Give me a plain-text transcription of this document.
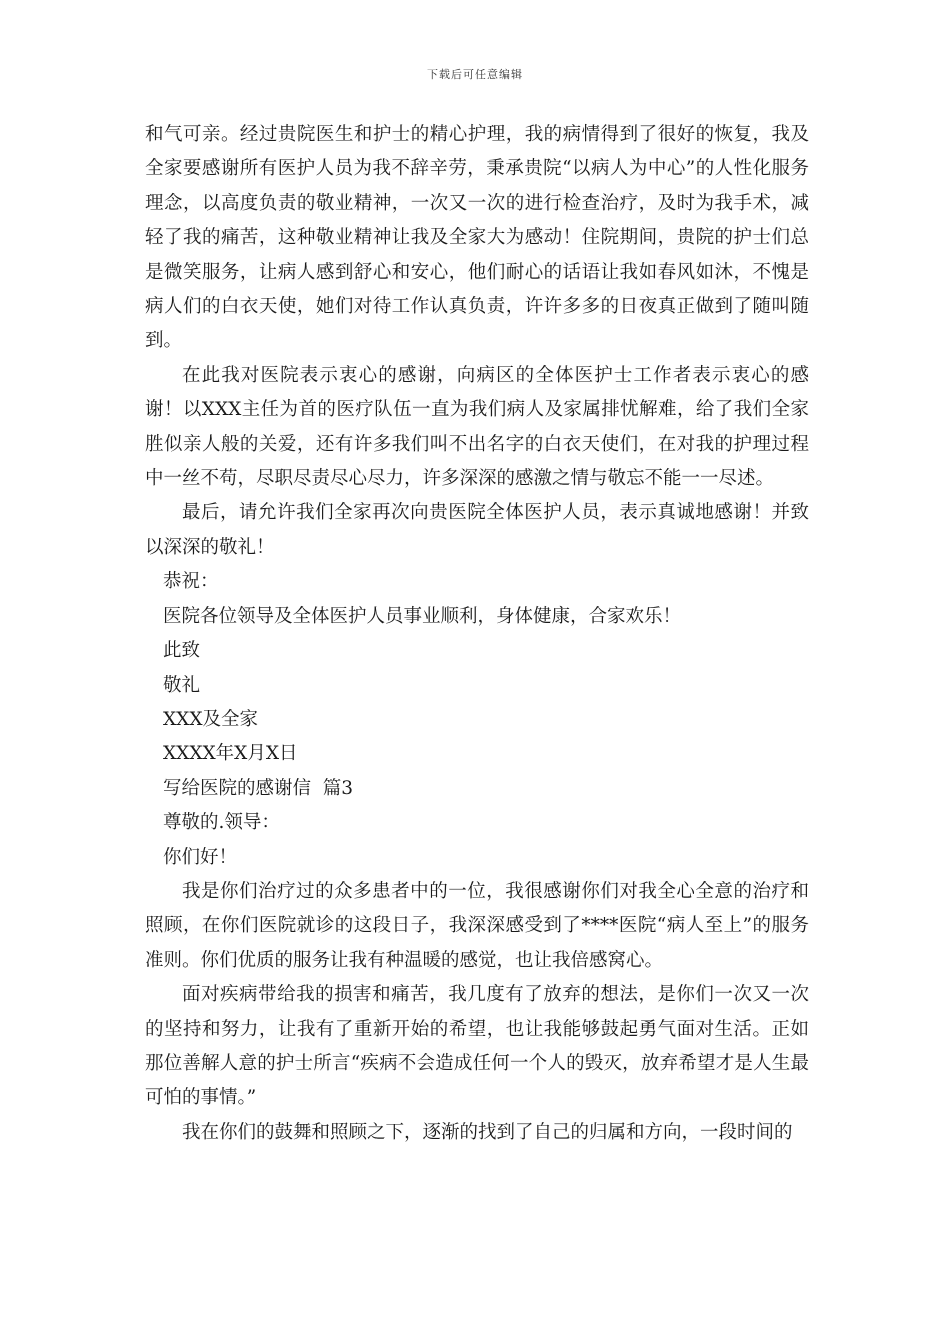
下载后可任意编辑

和气可亲。经过贵院医生和护士的精心护理，我的病情得到了很好的恢复，我及全家要感谢所有医护人员为我不辞辛劳，秉承贵院“以病人为中心”的人性化服务理念，以高度负责的敬业精神，一次又一次的进行检查治疗，及时为我手术，减轻了我的痛苦，这种敬业精神让我及全家大为感动！住院期间，贵院的护士们总是微笑服务，让病人感到舒心和安心，他们耐心的话语让我如春风如沐，不愧是病人们的白衣天使，她们对待工作认真负责，许许多多的日夜真正做到了随叫随到。

在此我对医院表示衷心的感谢，向病区的全体医护士工作者表示衷心的感谢！以XXX主任为首的医疗队伍一直为我们病人及家属排忧解难，给了我们全家胜似亲人般的关爱，还有许多我们叫不出名字的白衣天使们，在对我的护理过程中一丝不苟，尽职尽责尽心尽力，许多深深的感激之情与敬忘不能一一尽述。

最后，请允许我们全家再次向贵医院全体医护人员，表示真诚地感谢！并致以深深的敬礼！

恭祝：

医院各位领导及全体医护人员事业顺利，身体健康，合家欢乐！

此致

敬礼

XXX及全家

XXXX年X月X日

写给医院的感谢信  篇3

尊敬的.领导：

你们好！

我是你们治疗过的众多患者中的一位，我很感谢你们对我全心全意的治疗和照顾，在你们医院就诊的这段日子，我深深感受到了****医院“病人至上”的服务准则。你们优质的服务让我有种温暖的感觉，也让我倍感窝心。

面对疾病带给我的损害和痛苦，我几度有了放弃的想法，是你们一次又一次的坚持和努力，让我有了重新开始的希望，也让我能够鼓起勇气面对生活。正如那位善解人意的护士所言“疾病不会造成任何一个人的毁灭，放弃希望才是人生最可怕的事情。”

我在你们的鼓舞和照顾之下，逐渐的找到了自己的归属和方向，一段时间的
